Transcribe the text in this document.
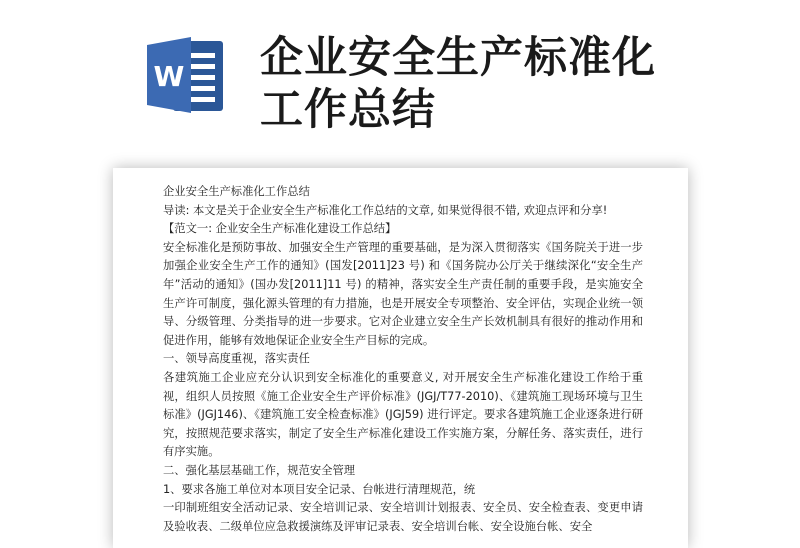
W 企业安全生产标准化
工作总结

企业安全生产标准化工作总结

导读: 本文是关于企业安全生产标准化工作总结的文章, 如果觉得很不错, 欢迎点评和分享!

【范文一: 企业安全生产标准化建设工作总结】

安全标准化是预防事故、加强安全生产管理的重要基础，是为深入贯彻落实《国务院关于进一步加强企业安全生产工作的通知》(国发[2011]23 号) 和《国务院办公厅关于继续深化“安全生产年”活动的通知》(国办发[2011]11 号) 的精神，落实安全生产责任制的重要手段，是实施安全生产许可制度，强化源头管理的有力措施，也是开展安全专项整治、安全评估，实现企业统一领导、分级管理、分类指导的进一步要求。它对企业建立安全生产长效机制具有很好的推动作用和促进作用，能够有效地保证企业安全生产目标的完成。

一、领导高度重视，落实责任

各建筑施工企业应充分认识到安全标准化的重要意义, 对开展安全生产标准化建设工作给于重视，组织人员按照《施工企业安全生产评价标准》(JGJ/T77-2010)、《建筑施工现场环境与卫生标准》(JGJ146)、《建筑施工安全检查标准》(JGJ59) 进行评定。要求各建筑施工企业逐条进行研究，按照规范要求落实，制定了安全生产标准化建设工作实施方案，分解任务、落实责任，进行有序实施。

二、强化基层基础工作，规范安全管理

1、要求各施工单位对本项目安全记录、台帐进行清理规范，统

一印制班组安全活动记录、安全培训记录、安全培训计划报表、安全员、安全检查表、变更申请及验收表、二级单位应急救援演练及评审记录表、安全培训台帐、安全设施台帐、安全
